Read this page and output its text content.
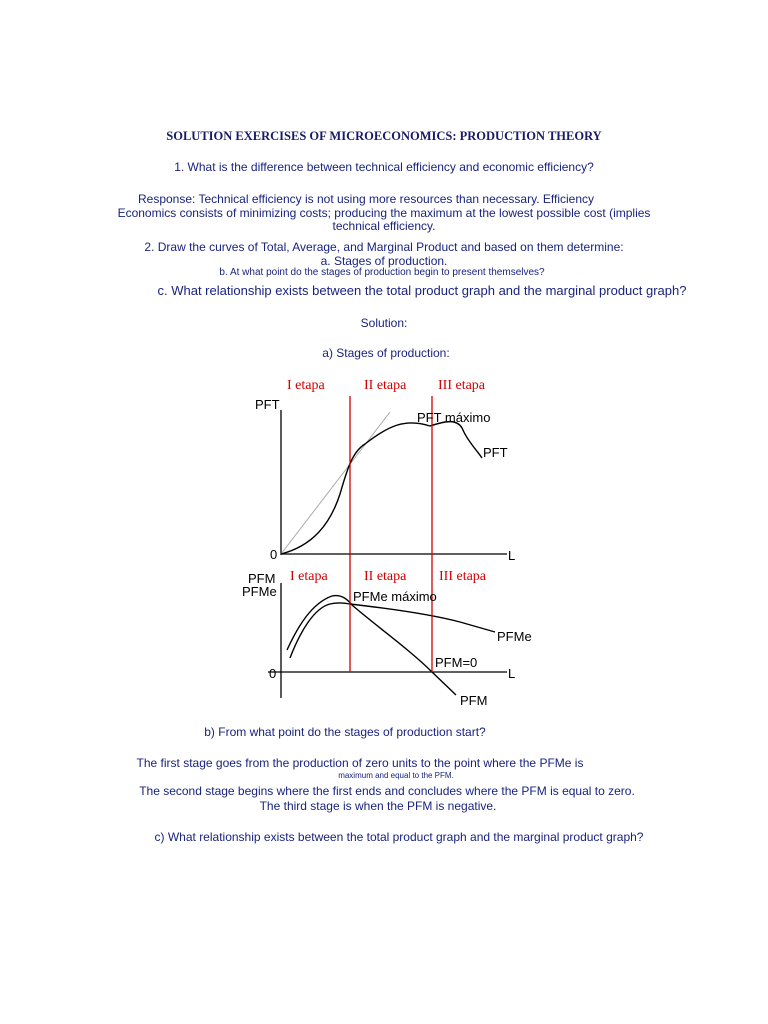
SOLUTION EXERCISES OF MICROECONOMICS: PRODUCTION THEORY
1. What is the difference between technical efficiency and economic efficiency?
Response: Technical efficiency is not using more resources than necessary. Efficiency
Economics consists of minimizing costs; producing the maximum at the lowest possible cost (implies
technical efficiency.
2. Draw the curves of Total, Average, and Marginal Product and based on them determine:
a. Stages of production.
b. At what point do the stages of production begin to present themselves?
c. What relationship exists between the total product graph and the marginal product graph?
Solution:
a) Stages of production:
I etapa	II etapa III etapa
PFT
0	L
PFT máximo
PFT
I etapa	II etapa III etapa
PFM
PFMe
0	L
PFMe máximo
PFMe
PFM=0
PFM
b) From what point do the stages of production start?
The first stage goes from the production of zero units to the point where the PFMe is
maximum and equal to the PFM.
The second stage begins where the first ends and concludes where the PFM is equal to zero.
The third stage is when the PFM is negative.
c) What relationship exists between the total product graph and the marginal product graph?
